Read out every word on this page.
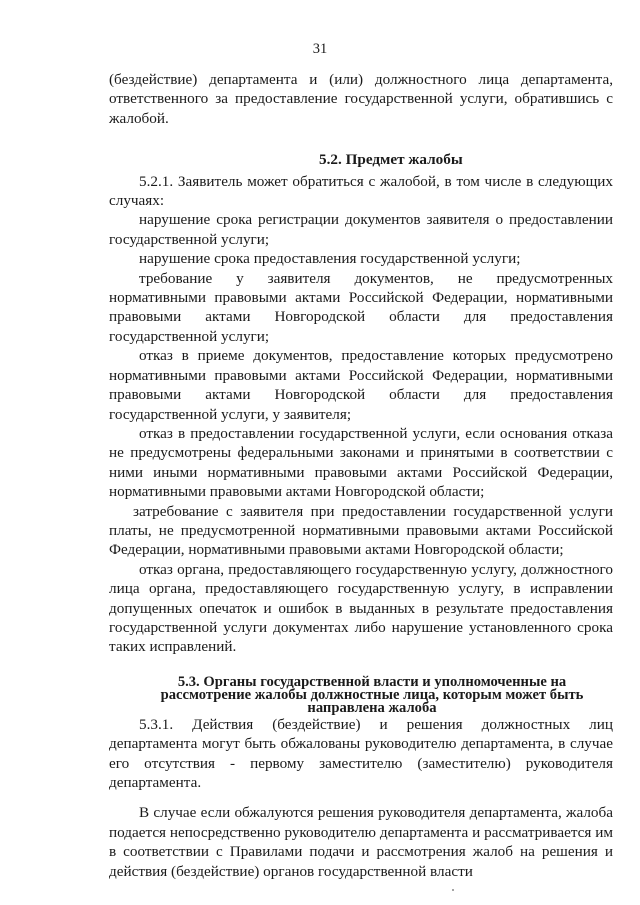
31

(бездействие) департамента и (или) должностного лица департамента, ответственного за предоставление государственной услуги, обратившись с жалобой.

5.2. Предмет жалобы

5.2.1. Заявитель может обратиться с жалобой, в том числе в следующих случаях:

нарушение срока регистрации документов заявителя о предоставлении государственной услуги;

нарушение срока предоставления государственной услуги;

требование у заявителя документов, не предусмотренных нормативными правовыми актами Российской Федерации, нормативными правовыми актами Новгородской области для предоставления государственной услуги;

отказ в приеме документов, предоставление которых предусмотрено нормативными правовыми актами Российской Федерации, нормативными правовыми актами Новгородской области для предоставления государственной услуги, у заявителя;

отказ в предоставлении государственной услуги, если основания отказа не предусмотрены федеральными законами и принятыми в соответствии с ними иными нормативными правовыми актами Российской Федерации, нормативными правовыми актами Новгородской области;

затребование с заявителя при предоставлении государственной услуги платы, не предусмотренной нормативными правовыми актами Российской Федерации, нормативными правовыми актами Новгородской области;

отказ органа, предоставляющего государственную услугу, должностного лица органа, предоставляющего государственную услугу, в исправлении допущенных опечаток и ошибок в выданных в результате предоставления государственной услуги документах либо нарушение установленного срока таких исправлений.

5.3. Органы государственной власти и уполномоченные на рассмотрение жалобы должностные лица, которым может быть направлена жалоба

5.3.1. Действия (бездействие) и решения должностных лиц департамента могут быть обжалованы руководителю департамента, в случае его отсутствия - первому заместителю (заместителю) руководителя департамента.

В случае если обжалуются решения руководителя департамента, жалоба подается непосредственно руководителю департамента и рассматривается им в соответствии с Правилами подачи и рассмотрения жалоб на решения и действия (бездействие) органов государственной власти
